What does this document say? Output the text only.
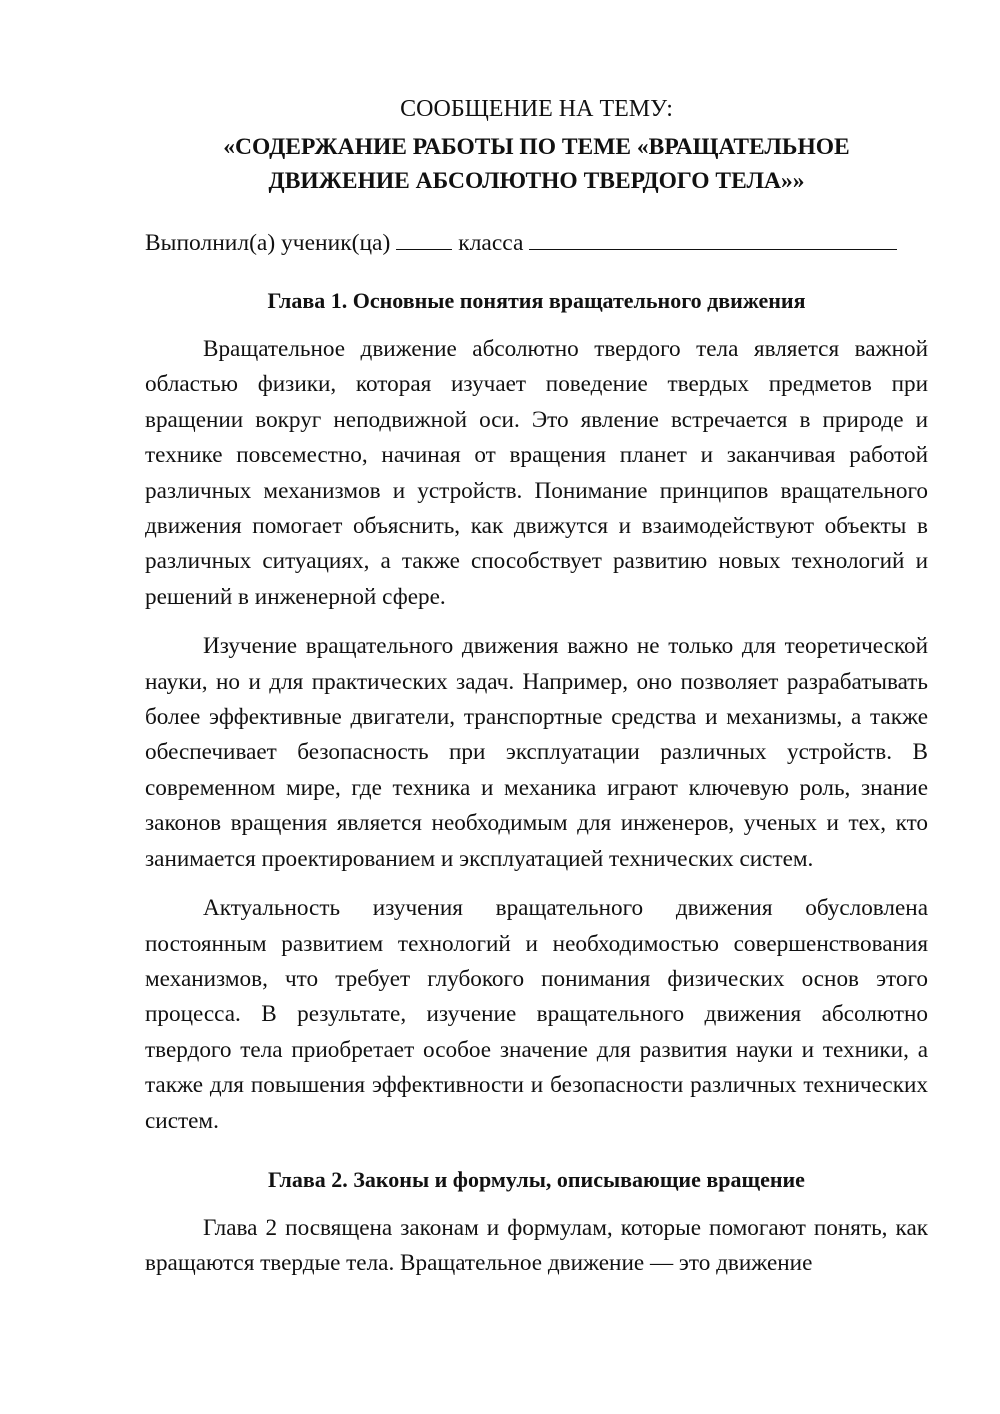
СООБЩЕНИЕ НА ТЕМУ:

«СОДЕРЖАНИЕ РАБОТЫ ПО ТЕМЕ «ВРАЩАТЕЛЬНОЕ
ДВИЖЕНИЕ АБСОЛЮТНО ТВЕРДОГО ТЕЛА»»

Выполнил(а) ученик(ца)	класса

Глава 1. Основные понятия вращательного движения

Вращательное движение абсолютно твердого тела является важной областью физики, которая изучает поведение твердых предметов при вращении вокруг неподвижной оси. Это явление встречается в природе и технике повсеместно, начиная от вращения планет и заканчивая работой различных механизмов и устройств. Понимание принципов вращательного движения помогает объяснить, как движутся и взаимодействуют объекты в различных ситуациях, а также способствует развитию новых технологий и решений в инженерной сфере.

Изучение вращательного движения важно не только для теоретической науки, но и для практических задач. Например, оно позволяет разрабатывать более эффективные двигатели, транспортные средства и механизмы, а также обеспечивает безопасность при эксплуатации различных устройств. В современном мире, где техника и механика играют ключевую роль, знание законов вращения является необходимым для инженеров, ученых и тех, кто занимается проектированием и эксплуатацией технических систем.

Актуальность изучения вращательного движения обусловлена постоянным развитием технологий и необходимостью совершенствования механизмов, что требует глубокого понимания физических основ этого процесса. В результате, изучение вращательного движения абсолютно твердого тела приобретает особое значение для развития науки и техники, а также для повышения эффективности и безопасности различных технических систем.

Глава 2. Законы и формулы, описывающие вращение

Глава 2 посвящена законам и формулам, которые помогают понять, как вращаются твердые тела. Вращательное движение — это движение
